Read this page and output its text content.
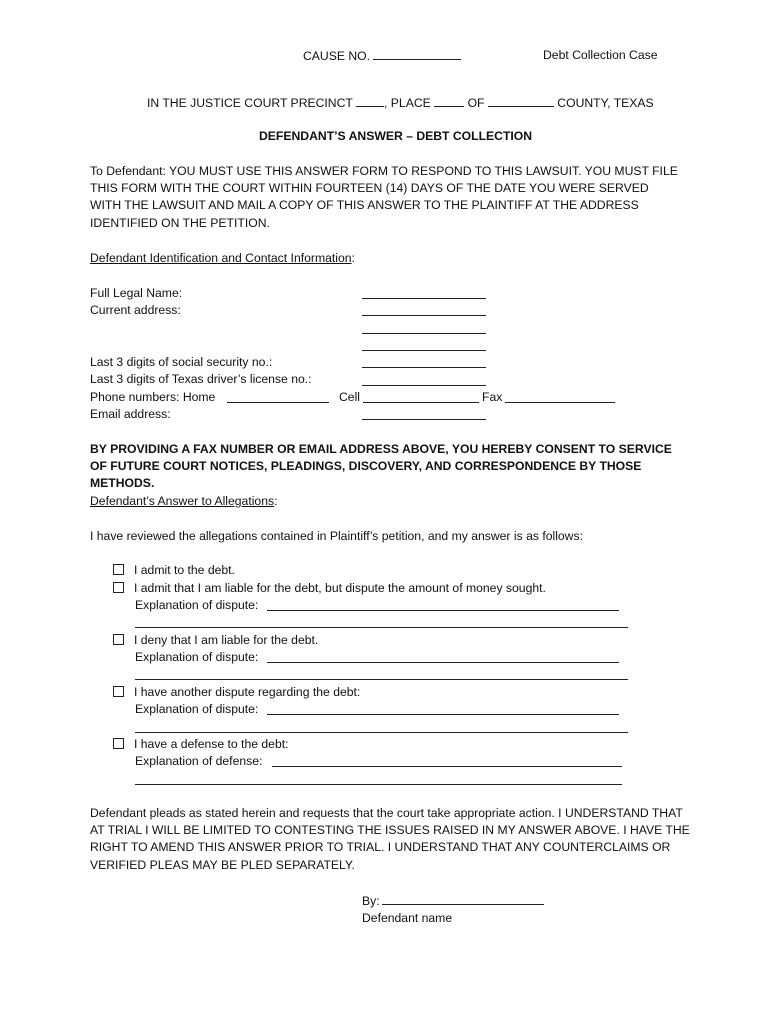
CAUSE NO.	Debt Collection Case
IN THE JUSTICE COURT PRECINCT	, PLACE	OF	COUNTY, TEXAS
DEFENDANT’S ANSWER – DEBT COLLECTION
To Defendant: YOU MUST USE THIS ANSWER FORM TO RESPOND TO THIS LAWSUIT. YOU MUST FILE THIS FORM WITH THE COURT WITHIN FOURTEEN (14) DAYS OF THE DATE YOU WERE SERVED WITH THE LAWSUIT AND MAIL A COPY OF THIS ANSWER TO THE PLAINTIFF AT THE ADDRESS IDENTIFIED ON THE PETITION.
Defendant Identification and Contact Information:
Full Legal Name:
Current address:
Last 3 digits of social security no.:
Last 3 digits of Texas driver’s license no.:
Phone numbers: Home	Cell	Fax
Email address:
BY PROVIDING A FAX NUMBER OR EMAIL ADDRESS ABOVE, YOU HEREBY CONSENT TO SERVICE OF FUTURE COURT NOTICES, PLEADINGS, DISCOVERY, AND CORRESPONDENCE BY THOSE METHODS.
Defendant’s Answer to Allegations:
I have reviewed the allegations contained in Plaintiff’s petition, and my answer is as follows:
I admit to the debt.
I admit that I am liable for the debt, but dispute the amount of money sought.
Explanation of dispute:
I deny that I am liable for the debt.
Explanation of dispute:
I have another dispute regarding the debt:
Explanation of dispute:
I have a defense to the debt:
Explanation of defense:
Defendant pleads as stated herein and requests that the court take appropriate action. I UNDERSTAND THAT AT TRIAL I WILL BE LIMITED TO CONTESTING THE ISSUES RAISED IN MY ANSWER ABOVE. I HAVE THE RIGHT TO AMEND THIS ANSWER PRIOR TO TRIAL. I UNDERSTAND THAT ANY COUNTERCLAIMS OR VERIFIED PLEAS MAY BE PLED SEPARATELY.
By:
Defendant name
